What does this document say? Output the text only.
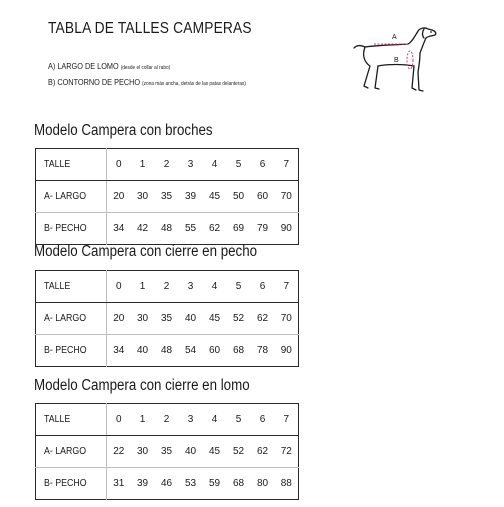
TABLA DE TALLES CAMPERAS
A) LARGO DE LOMO (desde el collar al rabo)
B) CONTORNO DE PECHO (zona más ancha, detrás de las patas delanteras)
A
B
Modelo Campera con broches
TALLE	0	1	2	3	4	5	6	7
A- LARGO	20	30	35	39	45	50	60	70
B- PECHO	34	42	48	55	62	69	79	90
Modelo Campera con cierre en pecho
TALLE	0	1	2	3	4	5	6	7
A- LARGO	20	30	35	40	45	52	62	70
B- PECHO	34	40	48	54	60	68	78	90
Modelo Campera con cierre en lomo
TALLE	0	1	2	3	4	5	6	7
A- LARGO	22	30	35	40	45	52	62	72
B- PECHO	31	39	46	53	59	68	80	88
